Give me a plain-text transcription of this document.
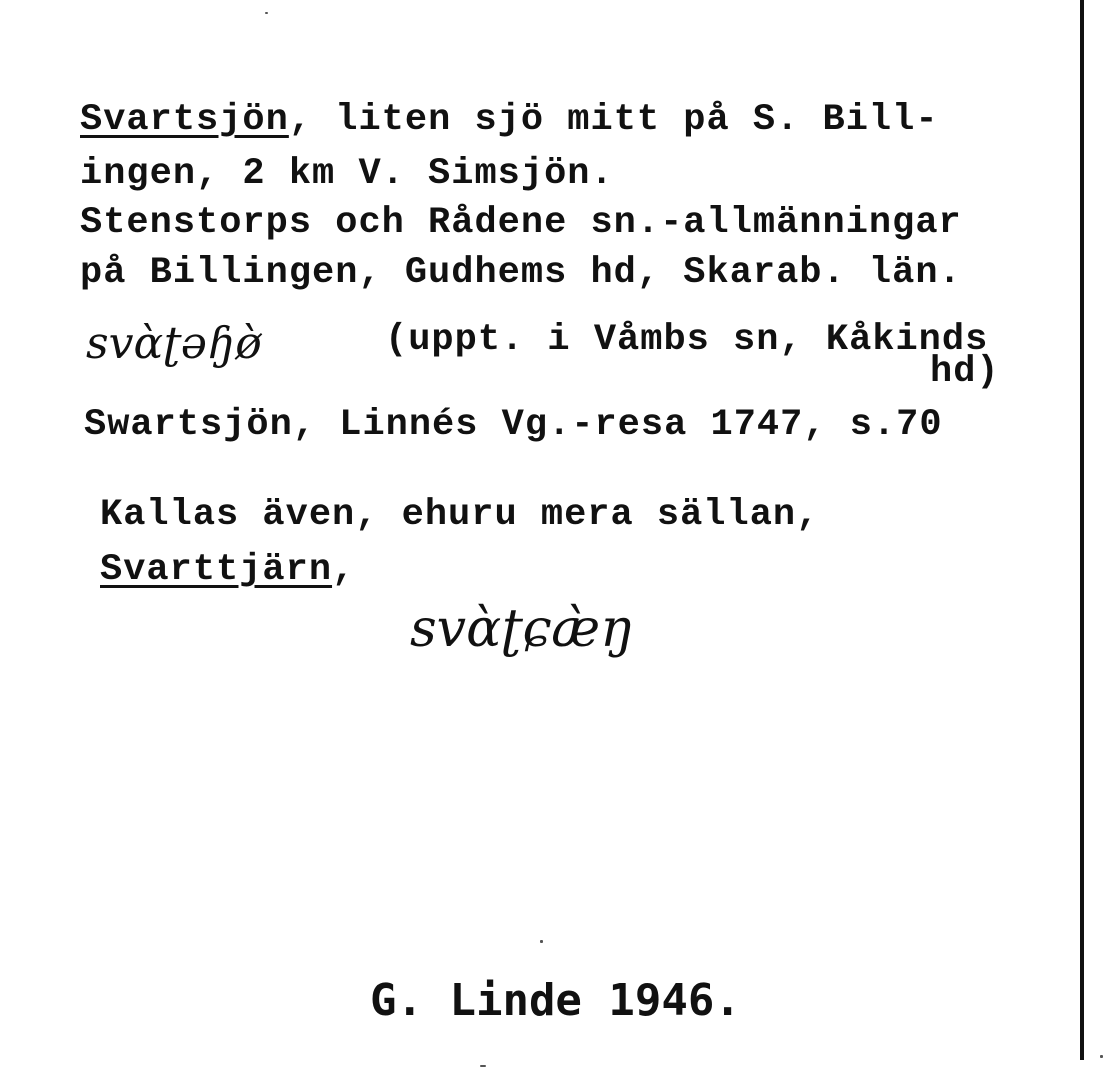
Svartsjön, liten sjö mitt på S. Bill-
ingen, 2 km V. Simsjön.
Stenstorps och Rådene sn.-allmänningar
på Billingen, Gudhems hd, Skarab. län.
svɑ̀ʈəɧø̀	(uppt. i Våmbs sn, Kåkinds
hd)
Swartsjön, Linnés Vg.-resa 1747, s.70
Kallas även, ehuru mera sällan,
Svarttjärn,
svɑ̀ʈɕæ̀ŋ
G. Linde 1946.
